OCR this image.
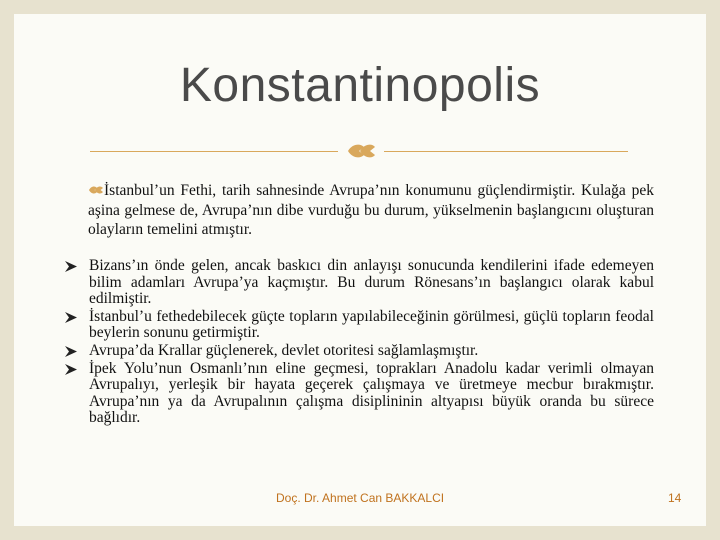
Konstantinopolis
İstanbul’un Fethi, tarih sahnesinde Avrupa’nın konumunu güçlendirmiştir. Kulağa pek aşina gelmese de, Avrupa’nın dibe vurduğu bu durum, yükselmenin başlangıcını oluşturan olayların temelini atmıştır.
Bizans’ın önde gelen, ancak baskıcı din anlayışı sonucunda kendilerini ifade edemeyen bilim adamları Avrupa’ya kaçmıştır. Bu durum Rönesans’ın başlangıcı olarak kabul edilmiştir.
İstanbul’u fethedebilecek güçte topların yapılabileceğinin görülmesi, güçlü topların feodal beylerin sonunu getirmiştir.
Avrupa’da Krallar güçlenerek, devlet otoritesi sağlamlaşmıştır.
İpek Yolu’nun Osmanlı’nın eline geçmesi, toprakları Anadolu kadar verimli olmayan Avrupalıyı, yerleşik bir hayata geçerek çalışmaya ve üretmeye mecbur bırakmıştır. Avrupa’nın ya da Avrupalının çalışma disiplininin altyapısı büyük oranda bu sürece bağlıdır.
Doç. Dr. Ahmet Can BAKKALCI	14
